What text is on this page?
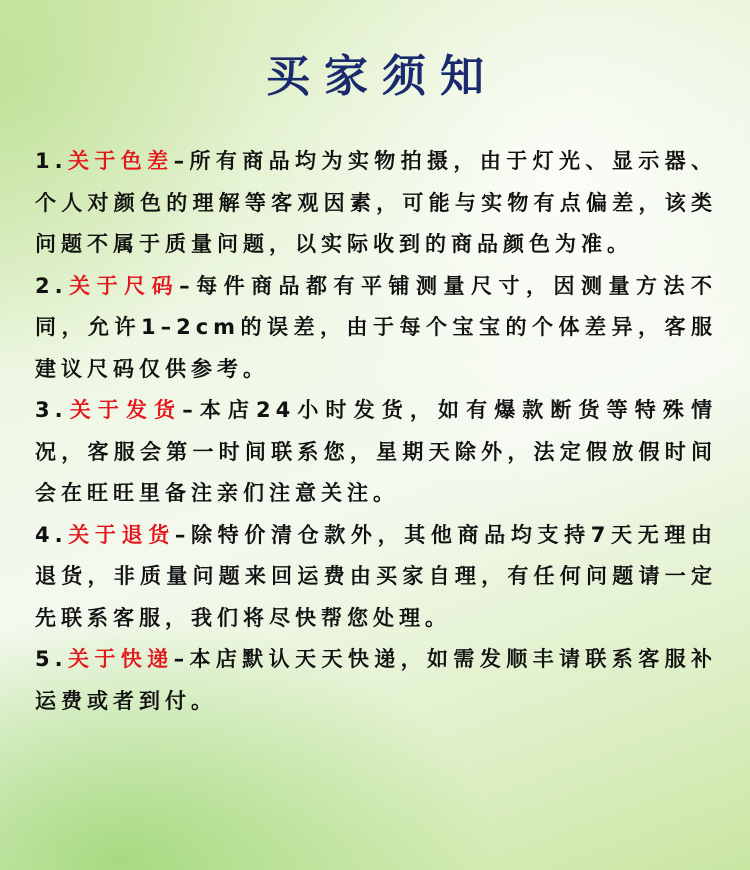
买家须知

1.关于色差–所有商品均为实物拍摄，由于灯光、显示器、个人对颜色的理解等客观因素，可能与实物有点偏差，该类问题不属于质量问题，以实际收到的商品颜色为准。

2.关于尺码–每件商品都有平铺测量尺寸，因测量方法不同，允许1–2cm的误差，由于每个宝宝的个体差异，客服建议尺码仅供参考。

3.关于发货–本店24小时发货，如有爆款断货等特殊情况，客服会第一时间联系您，星期天除外，法定假放假时间会在旺旺里备注亲们注意关注。

4.关于退货–除特价清仓款外，其他商品均支持7天无理由退货，非质量问题来回运费由买家自理，有任何问题请一定先联系客服，我们将尽快帮您处理。

5.关于快递–本店默认天天快递，如需发顺丰请联系客服补运费或者到付。
